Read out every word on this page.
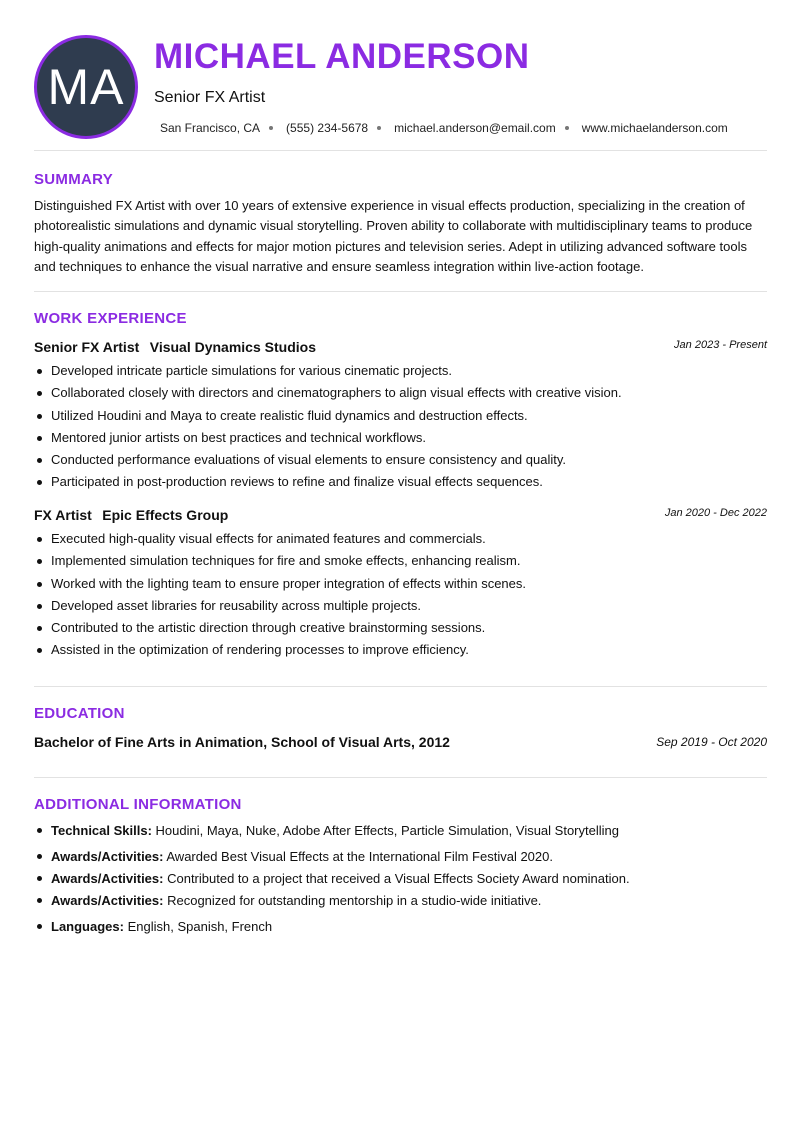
MA
MICHAEL ANDERSON
Senior FX Artist
San Francisco, CA (555) 234-5678 michael.anderson@email.com www.michaelanderson.com
SUMMARY
Distinguished FX Artist with over 10 years of extensive experience in visual effects production, specializing in the creation of photorealistic simulations and dynamic visual storytelling. Proven ability to collaborate with multidisciplinary teams to produce high-quality animations and effects for major motion pictures and television series. Adept in utilizing advanced software tools and techniques to enhance the visual narrative and ensure seamless integration within live-action footage.
WORK EXPERIENCE
Senior FX Artist Visual Dynamics Studios	Jan 2023 - Present
Developed intricate particle simulations for various cinematic projects.
Collaborated closely with directors and cinematographers to align visual effects with creative vision.
Utilized Houdini and Maya to create realistic fluid dynamics and destruction effects.
Mentored junior artists on best practices and technical workflows.
Conducted performance evaluations of visual elements to ensure consistency and quality.
Participated in post-production reviews to refine and finalize visual effects sequences.
FX Artist Epic Effects Group	Jan 2020 - Dec 2022
Executed high-quality visual effects for animated features and commercials.
Implemented simulation techniques for fire and smoke effects, enhancing realism.
Worked with the lighting team to ensure proper integration of effects within scenes.
Developed asset libraries for reusability across multiple projects.
Contributed to the artistic direction through creative brainstorming sessions.
Assisted in the optimization of rendering processes to improve efficiency.
EDUCATION
Bachelor of Fine Arts in Animation, School of Visual Arts, 2012	Sep 2019 - Oct 2020
ADDITIONAL INFORMATION
Technical Skills: Houdini, Maya, Nuke, Adobe After Effects, Particle Simulation, Visual Storytelling
Awards/Activities: Awarded Best Visual Effects at the International Film Festival 2020.
Awards/Activities: Contributed to a project that received a Visual Effects Society Award nomination.
Awards/Activities: Recognized for outstanding mentorship in a studio-wide initiative.
Languages: English, Spanish, French
